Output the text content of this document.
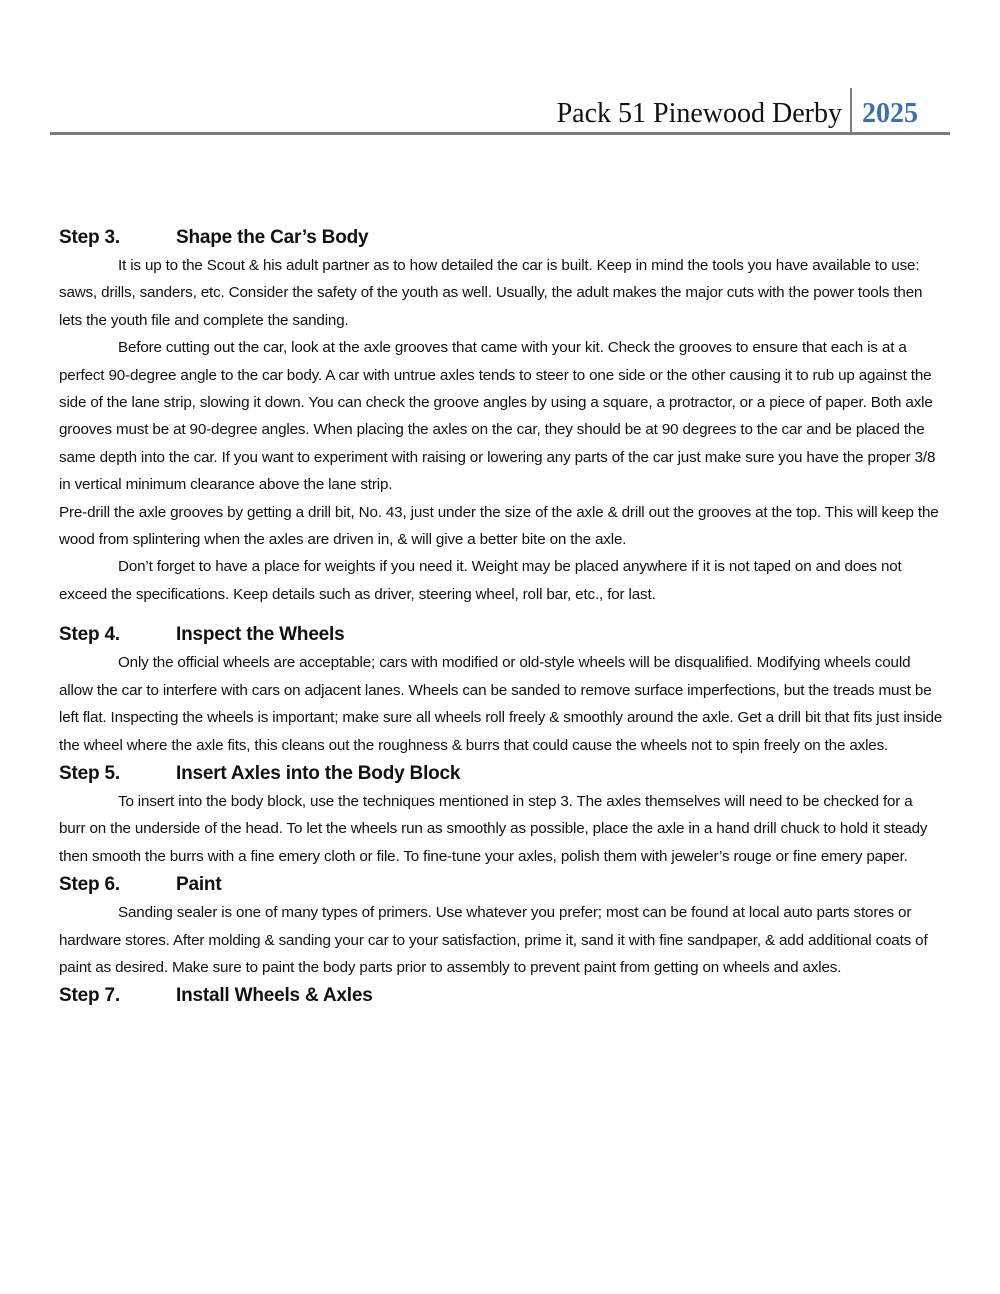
Pack 51 Pinewood Derby 2025
Step 3.	Shape the Car’s Body

It is up to the Scout & his adult partner as to how detailed the car is built. Keep in mind the tools you have available to use: saws, drills, sanders, etc. Consider the safety of the youth as well. Usually, the adult makes the major cuts with the power tools then lets the youth file and complete the sanding.

Before cutting out the car, look at the axle grooves that came with your kit. Check the grooves to ensure that each is at a perfect 90-degree angle to the car body. A car with untrue axles tends to steer to one side or the other causing it to rub up against the side of the lane strip, slowing it down. You can check the groove angles by using a square, a protractor, or a piece of paper. Both axle grooves must be at 90-degree angles. When placing the axles on the car, they should be at 90 degrees to the car and be placed the same depth into the car. If you want to experiment with raising or lowering any parts of the car just make sure you have the proper 3/8 in vertical minimum clearance above the lane strip.

Pre-drill the axle grooves by getting a drill bit, No. 43, just under the size of the axle & drill out the grooves at the top. This will keep the wood from splintering when the axles are driven in, & will give a better bite on the axle.

Don’t forget to have a place for weights if you need it. Weight may be placed anywhere if it is not taped on and does not exceed the specifications. Keep details such as driver, steering wheel, roll bar, etc., for last.

Step 4.	Inspect the Wheels

Only the official wheels are acceptable; cars with modified or old-style wheels will be disqualified. Modifying wheels could allow the car to interfere with cars on adjacent lanes. Wheels can be sanded to remove surface imperfections, but the treads must be left flat. Inspecting the wheels is important; make sure all wheels roll freely & smoothly around the axle. Get a drill bit that fits just inside the wheel where the axle fits, this cleans out the roughness & burrs that could cause the wheels not to spin freely on the axles.

Step 5.	Insert Axles into the Body Block

To insert into the body block, use the techniques mentioned in step 3. The axles themselves will need to be checked for a burr on the underside of the head. To let the wheels run as smoothly as possible, place the axle in a hand drill chuck to hold it steady then smooth the burrs with a fine emery cloth or file. To fine-tune your axles, polish them with jeweler’s rouge or fine emery paper.

Step 6.	Paint

Sanding sealer is one of many types of primers. Use whatever you prefer; most can be found at local auto parts stores or hardware stores. After molding & sanding your car to your satisfaction, prime it, sand it with fine sandpaper, & add additional coats of paint as desired. Make sure to paint the body parts prior to assembly to prevent paint from getting on wheels and axles.

Step 7.	Install Wheels & Axles
